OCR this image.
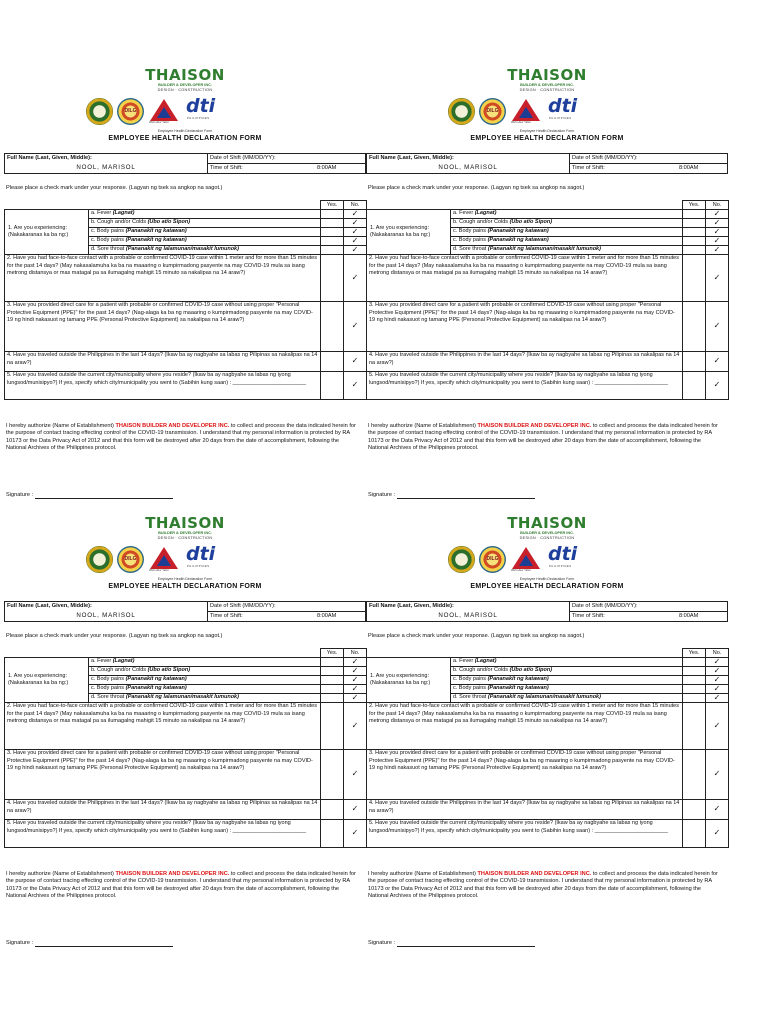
THAISON
BUILDER & DEVELOPER INC.
DESIGN · CONSTRUCTION
DILG
Wish Hisor Yabul
dti
PHILIPPINES
Employee Health Declaration Form
EMPLOYEE HEALTH DECLARATION FORM
Full Name (Last, Given, Middle):
NOOL, MARISOL
Date of Shift (MM/DD/YY):
Time of Shift:	8:00AM
Please place a check mark under your response. (Lagyan ng tsek sa angkop na sagot.)
		Yes.	No.
1. Are you experiencing: (Nakakaranas ka ba ng:)	a. Fever (Lagnat)		✓
	b. Cough and/or Colds (Ubo at/o Sipon)		✓
	c. Body pains (Pananakit ng katawan)		✓
	c. Body pains (Pananakit ng katawan)		✓
	d. Sore throat (Pananakit ng lalamunan/masakit lumunok)		✓
2. Have you had face-to-face contact with a probable or confirmed COVID-19 case within 1 meter and for more than 15 minutes for the past 14 days? (May nakasalamuha ka ba na maaaring o kumpirmadong pasyente na may COVID-19 mula sa isang metrong distansya or mas matagal pa sa ilumagalng mahigit 15 minuto sa nakalipas na 14 araw?)			✓
3. Have you provided direct care for a patient with probable or confirmed COVID-19 case without using proper "Personal Protective Equipment (PPE)" for the past 14 days? (Nag-alaga ka ba ng maaaring o kumpirmadong pasyente na may COVID-19 ng hindi nakasuot ng tamang PPE (Personal Protective Equipment) sa nakalipas na 14 araw?)			✓
4. Have you traveled outside the Philippines in the last 14 days? (Ikaw ba ay nagbyahe sa labas ng Pilipinas sa nakalipas na 14 na araw?)			✓
5. Have you traveled outside the current city/municipality where you reside? (Ikaw ba ay nagbyahe sa labas ng iyong lungsod/munisipyo?) If yes, specify which city/municipality you went to (Sabihin kung saan) : ________________________			✓
I hereby authorize (Name of Establishment) THAISON BUILDER AND DEVELOPER INC. to collect and process the data indicated herein for the purpose of contact tracing effecting control of the COVID-19 transmission. I understand that my personal information is protected by RA 10173 or the Data Privacy Act of 2012 and that this form will be destroyed after 20 days from the date of accomplishment, following the National Archives of the Philippines protocol.
Signature :
THAISON
BUILDER & DEVELOPER INC.
DESIGN · CONSTRUCTION
DILG
Wish Hisor Yabul
dti
PHILIPPINES
Employee Health Declaration Form
EMPLOYEE HEALTH DECLARATION FORM
Full Name (Last, Given, Middle):
NOOL, MARISOL
Date of Shift (MM/DD/YY):
Time of Shift:	8:00AM
Please place a check mark under your response. (Lagyan ng tsek sa angkop na sagot.)
		Yes.	No.
1. Are you experiencing: (Nakakaranas ka ba ng:)	a. Fever (Lagnat)		✓
	b. Cough and/or Colds (Ubo at/o Sipon)		✓
	c. Body pains (Pananakit ng katawan)		✓
	c. Body pains (Pananakit ng katawan)		✓
	d. Sore throat (Pananakit ng lalamunan/masakit lumunok)		✓
2. Have you had face-to-face contact with a probable or confirmed COVID-19 case within 1 meter and for more than 15 minutes for the past 14 days? (May nakasalamuha ka ba na maaaring o kumpirmadong pasyente na may COVID-19 mula sa isang metrong distansya or mas matagal pa sa ilumagalng mahigit 15 minuto sa nakalipas na 14 araw?)			✓
3. Have you provided direct care for a patient with probable or confirmed COVID-19 case without using proper "Personal Protective Equipment (PPE)" for the past 14 days? (Nag-alaga ka ba ng maaaring o kumpirmadong pasyente na may COVID-19 ng hindi nakasuot ng tamang PPE (Personal Protective Equipment) sa nakalipas na 14 araw?)			✓
4. Have you traveled outside the Philippines in the last 14 days? (Ikaw ba ay nagbyahe sa labas ng Pilipinas sa nakalipas na 14 na araw?)			✓
5. Have you traveled outside the current city/municipality where you reside? (Ikaw ba ay nagbyahe sa labas ng iyong lungsod/munisipyo?) If yes, specify which city/municipality you went to (Sabihin kung saan) : ________________________			✓
I hereby authorize (Name of Establishment) THAISON BUILDER AND DEVELOPER INC. to collect and process the data indicated herein for the purpose of contact tracing effecting control of the COVID-19 transmission. I understand that my personal information is protected by RA 10173 or the Data Privacy Act of 2012 and that this form will be destroyed after 20 days from the date of accomplishment, following the National Archives of the Philippines protocol.
Signature :
THAISON
BUILDER & DEVELOPER INC.
DESIGN · CONSTRUCTION
DILG
Wish Hisor Yabul
dti
PHILIPPINES
Employee Health Declaration Form
EMPLOYEE HEALTH DECLARATION FORM
Full Name (Last, Given, Middle):
NOOL, MARISOL
Date of Shift (MM/DD/YY):
Time of Shift:	8:00AM
Please place a check mark under your response. (Lagyan ng tsek sa angkop na sagot.)
		Yes.	No.
1. Are you experiencing: (Nakakaranas ka ba ng:)	a. Fever (Lagnat)		✓
	b. Cough and/or Colds (Ubo at/o Sipon)		✓
	c. Body pains (Pananakit ng katawan)		✓
	c. Body pains (Pananakit ng katawan)		✓
	d. Sore throat (Pananakit ng lalamunan/masakit lumunok)		✓
2. Have you had face-to-face contact with a probable or confirmed COVID-19 case within 1 meter and for more than 15 minutes for the past 14 days? (May nakasalamuha ka ba na maaaring o kumpirmadong pasyente na may COVID-19 mula sa isang metrong distansya or mas matagal pa sa ilumagalng mahigit 15 minuto sa nakalipas na 14 araw?)			✓
3. Have you provided direct care for a patient with probable or confirmed COVID-19 case without using proper "Personal Protective Equipment (PPE)" for the past 14 days? (Nag-alaga ka ba ng maaaring o kumpirmadong pasyente na may COVID-19 ng hindi nakasuot ng tamang PPE (Personal Protective Equipment) sa nakalipas na 14 araw?)			✓
4. Have you traveled outside the Philippines in the last 14 days? (Ikaw ba ay nagbyahe sa labas ng Pilipinas sa nakalipas na 14 na araw?)			✓
5. Have you traveled outside the current city/municipality where you reside? (Ikaw ba ay nagbyahe sa labas ng iyong lungsod/munisipyo?) If yes, specify which city/municipality you went to (Sabihin kung saan) : ________________________			✓
I hereby authorize (Name of Establishment) THAISON BUILDER AND DEVELOPER INC. to collect and process the data indicated herein for the purpose of contact tracing effecting control of the COVID-19 transmission. I understand that my personal information is protected by RA 10173 or the Data Privacy Act of 2012 and that this form will be destroyed after 20 days from the date of accomplishment, following the National Archives of the Philippines protocol.
Signature :
THAISON
BUILDER & DEVELOPER INC.
DESIGN · CONSTRUCTION
DILG
Wish Hisor Yabul
dti
PHILIPPINES
Employee Health Declaration Form
EMPLOYEE HEALTH DECLARATION FORM
Full Name (Last, Given, Middle):
NOOL, MARISOL
Date of Shift (MM/DD/YY):
Time of Shift:	8:00AM
Please place a check mark under your response. (Lagyan ng tsek sa angkop na sagot.)
		Yes.	No.
1. Are you experiencing: (Nakakaranas ka ba ng:)	a. Fever (Lagnat)		✓
	b. Cough and/or Colds (Ubo at/o Sipon)		✓
	c. Body pains (Pananakit ng katawan)		✓
	c. Body pains (Pananakit ng katawan)		✓
	d. Sore throat (Pananakit ng lalamunan/masakit lumunok)		✓
2. Have you had face-to-face contact with a probable or confirmed COVID-19 case within 1 meter and for more than 15 minutes for the past 14 days? (May nakasalamuha ka ba na maaaring o kumpirmadong pasyente na may COVID-19 mula sa isang metrong distansya or mas matagal pa sa ilumagalng mahigit 15 minuto sa nakalipas na 14 araw?)			✓
3. Have you provided direct care for a patient with probable or confirmed COVID-19 case without using proper "Personal Protective Equipment (PPE)" for the past 14 days? (Nag-alaga ka ba ng maaaring o kumpirmadong pasyente na may COVID-19 ng hindi nakasuot ng tamang PPE (Personal Protective Equipment) sa nakalipas na 14 araw?)			✓
4. Have you traveled outside the Philippines in the last 14 days? (Ikaw ba ay nagbyahe sa labas ng Pilipinas sa nakalipas na 14 na araw?)			✓
5. Have you traveled outside the current city/municipality where you reside? (Ikaw ba ay nagbyahe sa labas ng iyong lungsod/munisipyo?) If yes, specify which city/municipality you went to (Sabihin kung saan) : ________________________			✓
I hereby authorize (Name of Establishment) THAISON BUILDER AND DEVELOPER INC. to collect and process the data indicated herein for the purpose of contact tracing effecting control of the COVID-19 transmission. I understand that my personal information is protected by RA 10173 or the Data Privacy Act of 2012 and that this form will be destroyed after 20 days from the date of accomplishment, following the National Archives of the Philippines protocol.
Signature :
